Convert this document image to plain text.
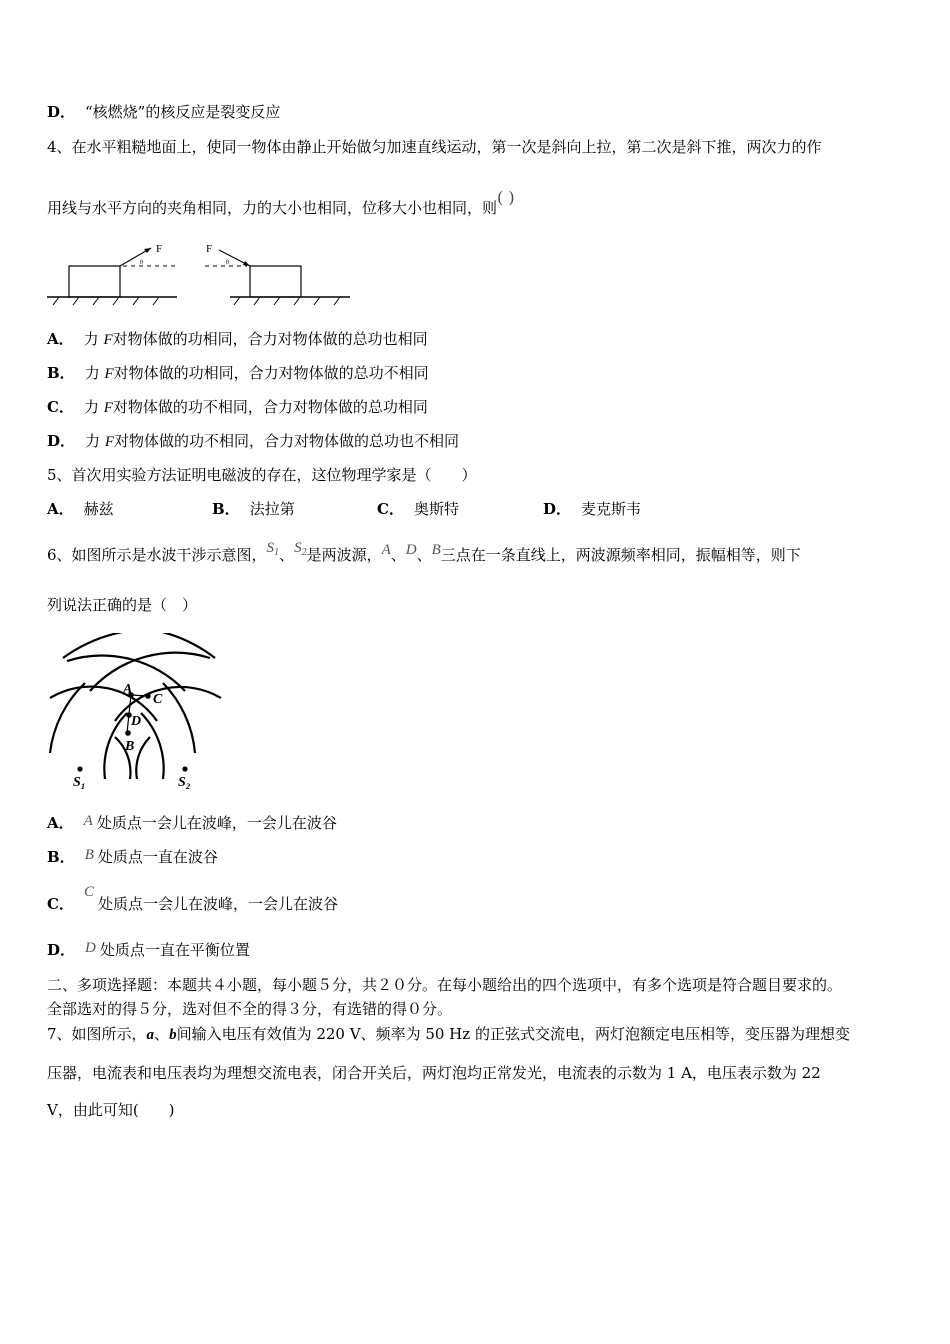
D． “核燃烧”的核反应是裂变反应
4、在水平粗糙地面上，使同一物体由静止开始做匀加速直线运动，第一次是斜向上拉，第二次是斜下推，两次力的作
用线与水平方向的夹角相同，力的大小也相同，位移大小也相同，则( )
F
θ
F
θ
A． 力 F对物体做的功相同，合力对物体做的总功也相同
B． 力 F对物体做的功相同，合力对物体做的总功不相同
C． 力 F对物体做的功不相同，合力对物体做的总功相同
D． 力 F对物体做的功不相同，合力对物体做的总功也不相同
5、首次用实验方法证明电磁波的存在，这位物理学家是（　　）
A． 赫兹	B． 法拉第	C． 奥斯特	D． 麦克斯韦
6、如图所示是水波干涉示意图，$S_1$、$S_2$是两波源，A、D、B三点在一条直线上，两波源频率相同，振幅相等，则下
列说法正确的是（　）
A
C
D
B
S₁	S₂
A． A 处质点一会儿在波峰，一会儿在波谷
B． B 处质点一直在波谷
C．C处质点一会儿在波峰，一会儿在波谷
D． D 处质点一直在平衡位置
二、多项选择题：本题共４小题，每小题５分，共２０分。在每小题给出的四个选项中，有多个选项是符合题目要求的。
全部选对的得５分，选对但不全的得３分，有选错的得０分。
7、如图所示，a、b间输入电压有效值为 220 V、频率为 50 Hz 的正弦式交流电，两灯泡额定电压相等，变压器为理想变
压器，电流表和电压表均为理想交流电表，闭合开关后，两灯泡均正常发光，电流表的示数为 1 A，电压表示数为 22
V，由此可知(　　)
